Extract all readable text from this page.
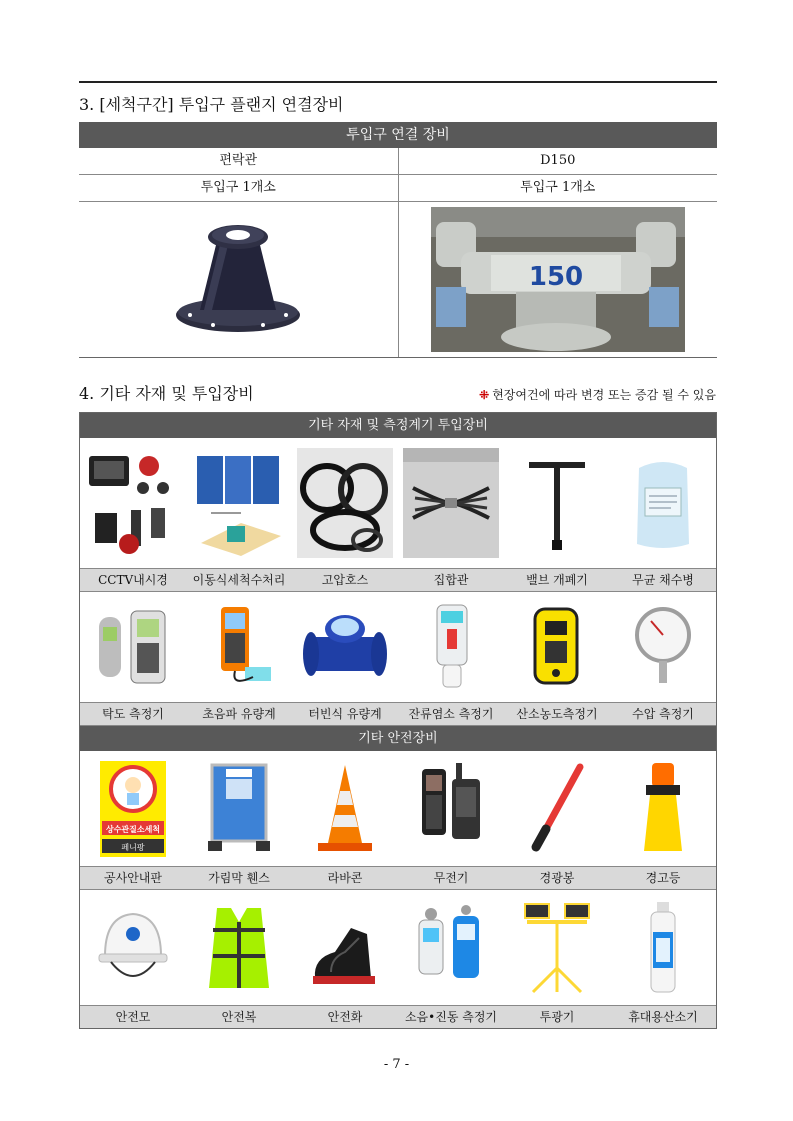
3. [세척구간] 투입구 플랜지 연결장비
투입구 연결 장비
편락관	D150
투입구 1개소	투입구 1개소
150
4. 기타 자재 및 투입장비	⁜ 현장여건에 따라 변경 또는 증감 될 수 있음
기타 자재 및 측정계기 투입장비
CCTV내시경	이동식세척수처리	고압호스	집합관	밸브 개폐기	무균 채수병
탁도 측정기	초음파 유량계	터빈식 유량계	잔류염소 측정기	산소농도측정기	수압 측정기
기타 안전장비
상수관질소세척
페니팡
공사안내판	가림막 휀스	라바콘	무전기	경광봉	경고등
안전모	안전복	안전화	소음•진동 측정기	투광기	휴대용산소기
- 7 -
